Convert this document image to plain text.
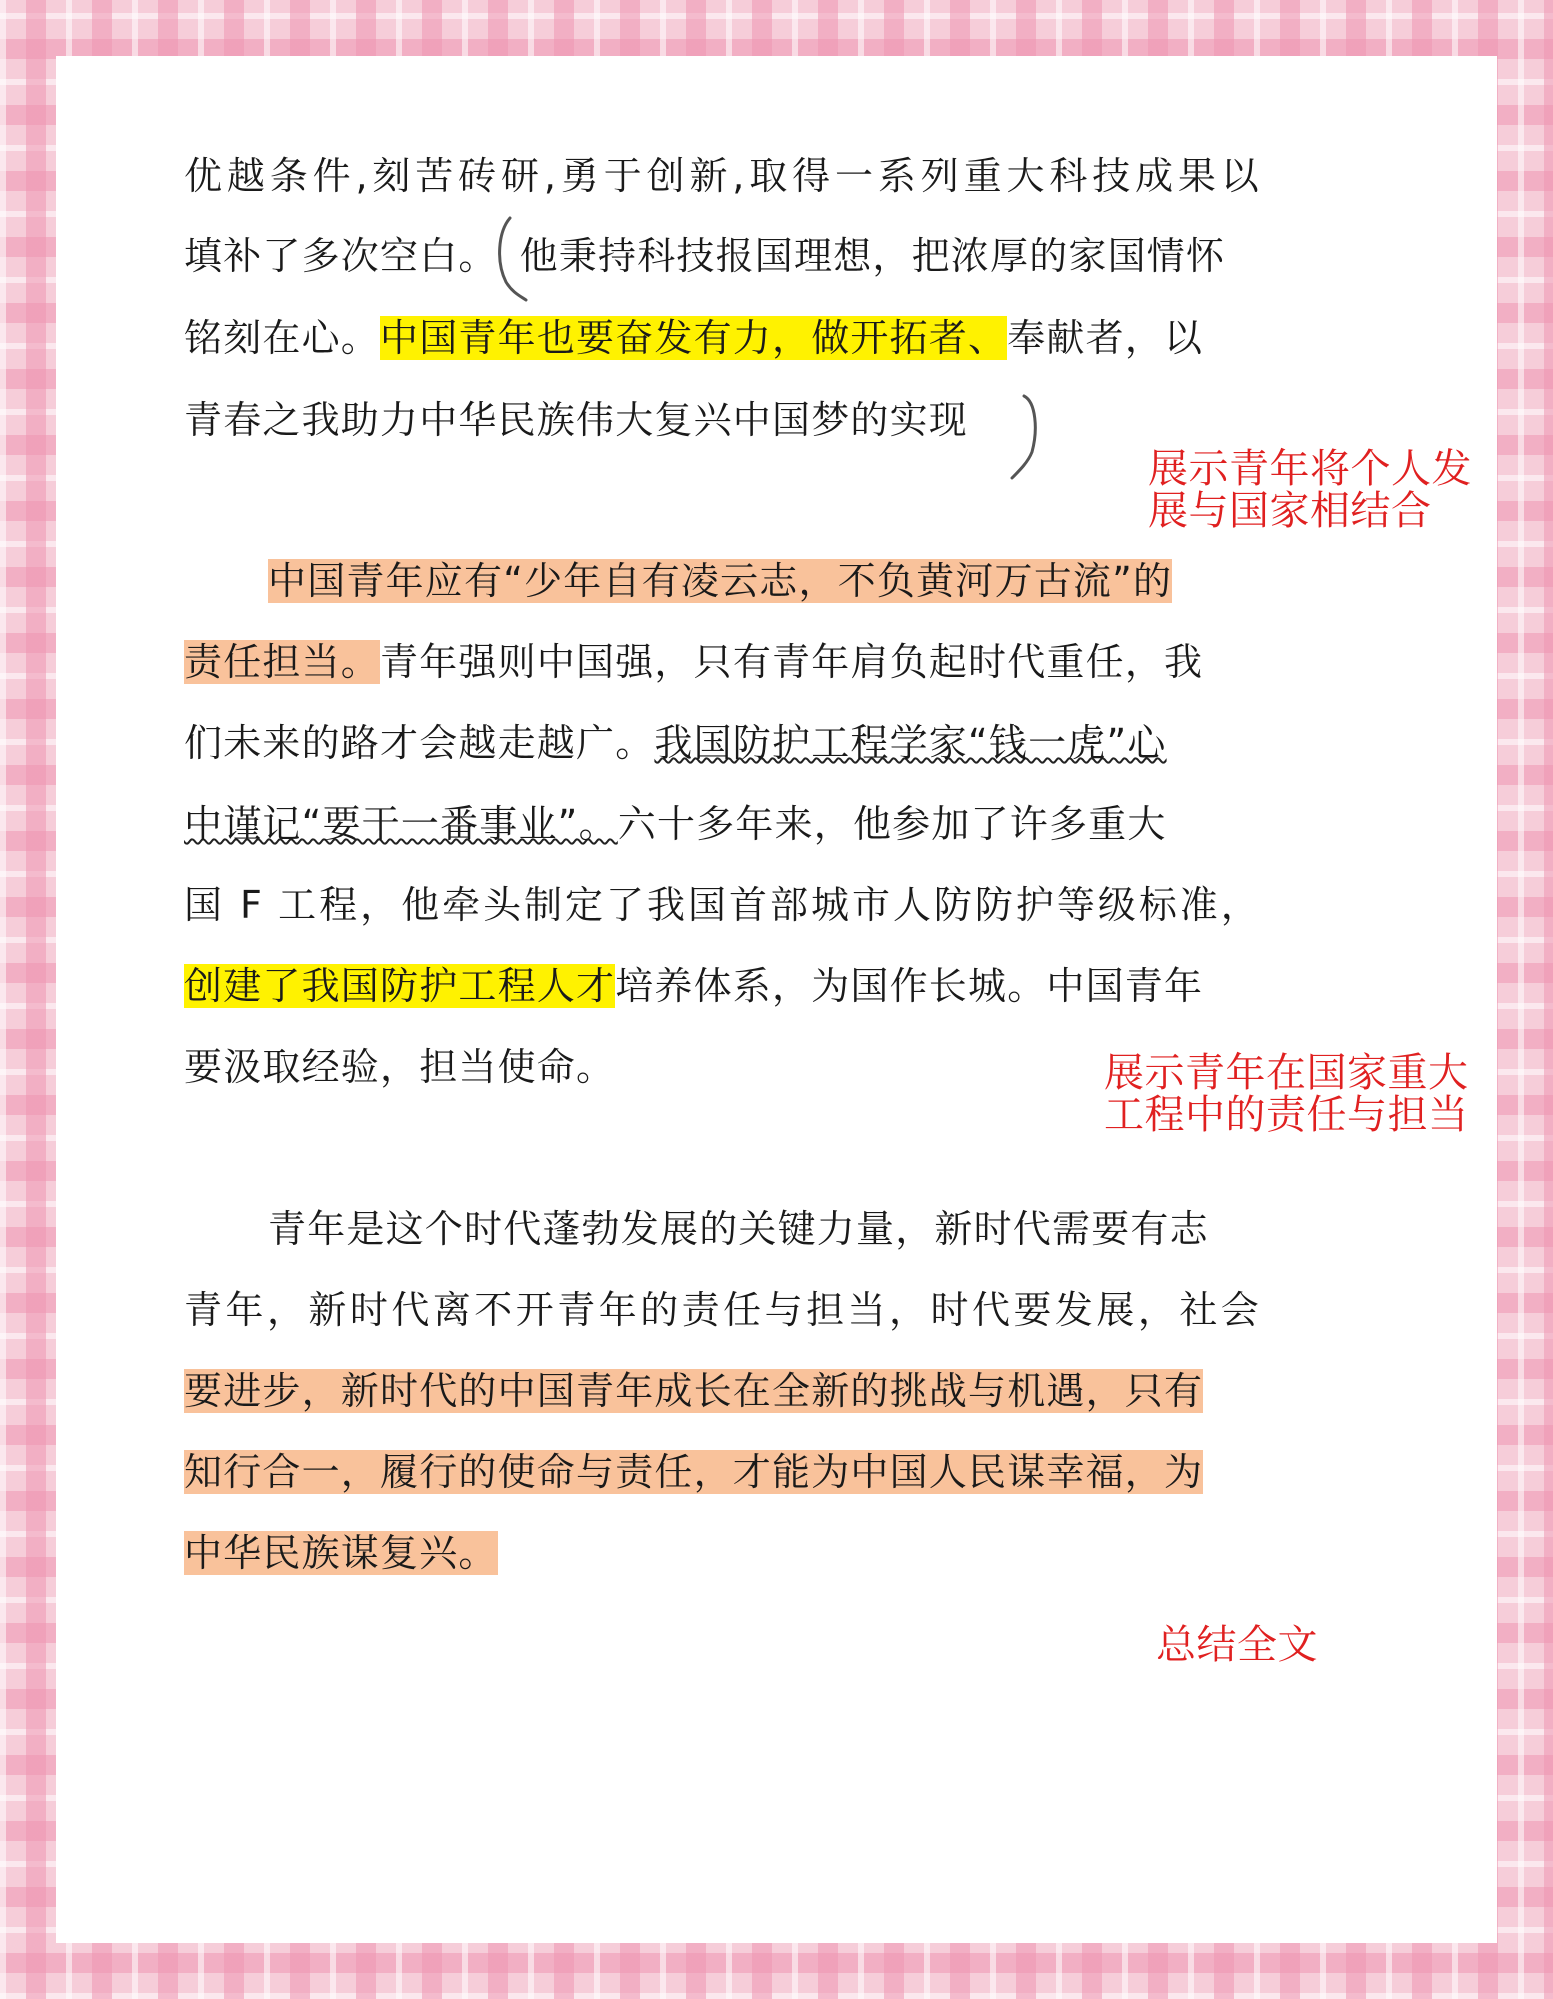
优越条件,刻苦砖研,勇于创新,取得一系列重大科技成果以
填补了多次空白。 他秉持科技报国理想，把浓厚的家国情怀
铭刻在心。中国青年也要奋发有力，做开拓者、奉献者，以
青春之我助力中华民族伟大复兴中国梦的实现
展示青年将个人发
展与国家相结合
中国青年应有“少年自有凌云志，不负黄河万古流”的
责任担当。青年强则中国强，只有青年肩负起时代重任，我
们未来的路才会越走越广。我国防护工程学家“钱一虎”心
中谨记“要干一番事业”。六十多年来，他参加了许多重大
国 F 工程，他牵头制定了我国首部城市人防防护等级标准，
创建了我国防护工程人才培养体系，为国作长城。中国青年
要汲取经验，担当使命。	展示青年在国家重大
工程中的责任与担当
青年是这个时代蓬勃发展的关键力量，新时代需要有志
青年，新时代离不开青年的责任与担当，时代要发展，社会
要进步，新时代的中国青年成长在全新的挑战与机遇，只有
知行合一，履行的使命与责任，才能为中国人民谋幸福，为
中华民族谋复兴。
总结全文
